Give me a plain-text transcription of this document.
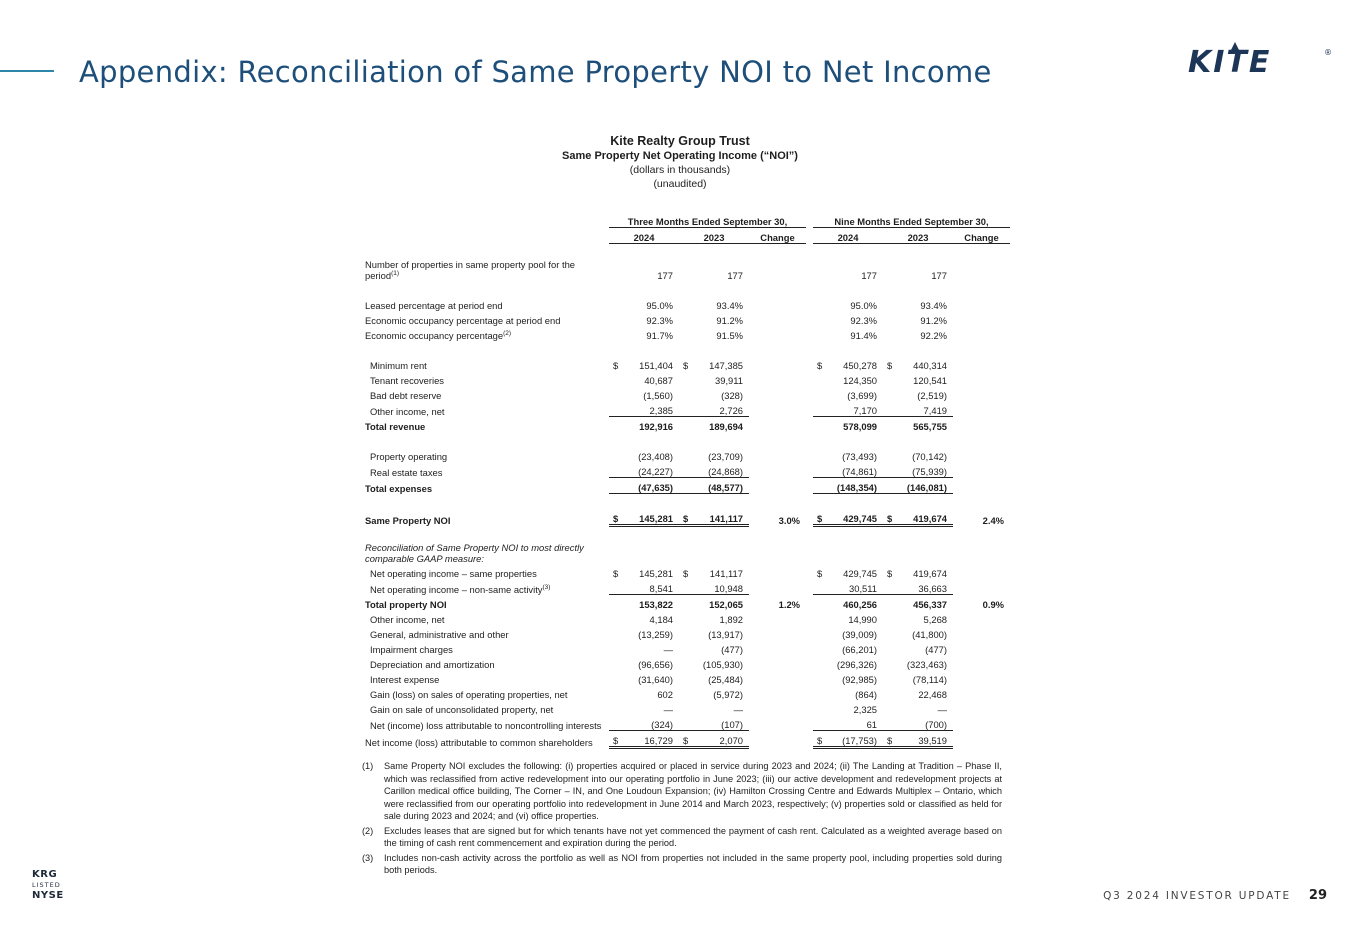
Appendix: Reconciliation of Same Property NOI to Net Income	KITE	®
Kite Realty Group Trust
Same Property Net Operating Income (“NOI”)
(dollars in thousands)
(unaudited)
	Three Months Ended September 30,				Nine Months Ended September 30,		
	2024	2023	Change		2024	2023	Change

Number of properties in same property pool for the period$^{(1)}$	177	177			177	177	

Leased percentage at period end	95.0%	93.4%			95.0%	93.4%	
Economic occupancy percentage at period end	92.3%	91.2%			92.3%	91.2%	
Economic occupancy percentage$^{(2)}$	91.7%	91.5%			91.4%	92.2%	

Minimum rent	$ 151,404	$ 147,385			$ 450,278	$ 440,314	
Tenant recoveries	40,687	39,911			124,350	120,541	
Bad debt reserve	(1,560)	(328)			(3,699)	(2,519)	
Other income, net	2,385	2,726			7,170	7,419	
Total revenue	192,916	189,694			578,099	565,755	

Property operating	(23,408)	(23,709)			(73,493)	(70,142)	
Real estate taxes	(24,227)	(24,868)			(74,861)	(75,939)	
Total expenses	(47,635)	(48,577)			(148,354)	(146,081)	

Same Property NOI	$ 145,281	$ 141,117	3.0%		$ 429,745	$ 419,674	2.4%

Reconciliation of Same Property NOI to most directly comparable GAAP measure:							
Net operating income – same properties	$ 145,281	$ 141,117			$ 429,745	$ 419,674	
Net operating income – non-same activity$^{(3)}$	8,541	10,948			30,511	36,663	
Total property NOI	153,822	152,065	1.2%		460,256	456,337	0.9%
Other income, net	4,184	1,892			14,990	5,268	
General, administrative and other	(13,259)	(13,917)			(39,009)	(41,800)	
Impairment charges	—	(477)			(66,201)	(477)	
Depreciation and amortization	(96,656)	(105,930)			(296,326)	(323,463)	
Interest expense	(31,640)	(25,484)			(92,985)	(78,114)	
Gain (loss) on sales of operating properties, net	602	(5,972)			(864)	22,468	
Gain on sale of unconsolidated property, net	—	—			2,325	—	
Net (income) loss attributable to noncontrolling interests	(324)	(107)			61	(700)	
Net income (loss) attributable to common shareholders	$ 16,729	$ 2,070			$ (17,753)	$ 39,519	
(1)	Same Property NOI excludes the following: (i) properties acquired or placed in service during 2023 and 2024; (ii) The Landing at Tradition – Phase II, which was reclassified from active redevelopment into our operating portfolio in June 2023; (iii) our active development and redevelopment projects at Carillon medical office building, The Corner – IN, and One Loudoun Expansion; (iv) Hamilton Crossing Centre and Edwards Multiplex – Ontario, which were reclassified from our operating portfolio into redevelopment in June 2014 and March 2023, respectively; (v) properties sold or classified as held for sale during 2023 and 2024; and (vi) office properties.
(2)	Excludes leases that are signed but for which tenants have not yet commenced the payment of cash rent. Calculated as a weighted average based on the timing of cash rent commencement and expiration during the period.
(3)	Includes non-cash activity across the portfolio as well as NOI from properties not included in the same property pool, including properties sold during both periods.
KRG
LISTED
NYSE	Q3 2024 INVESTOR UPDATE 29
